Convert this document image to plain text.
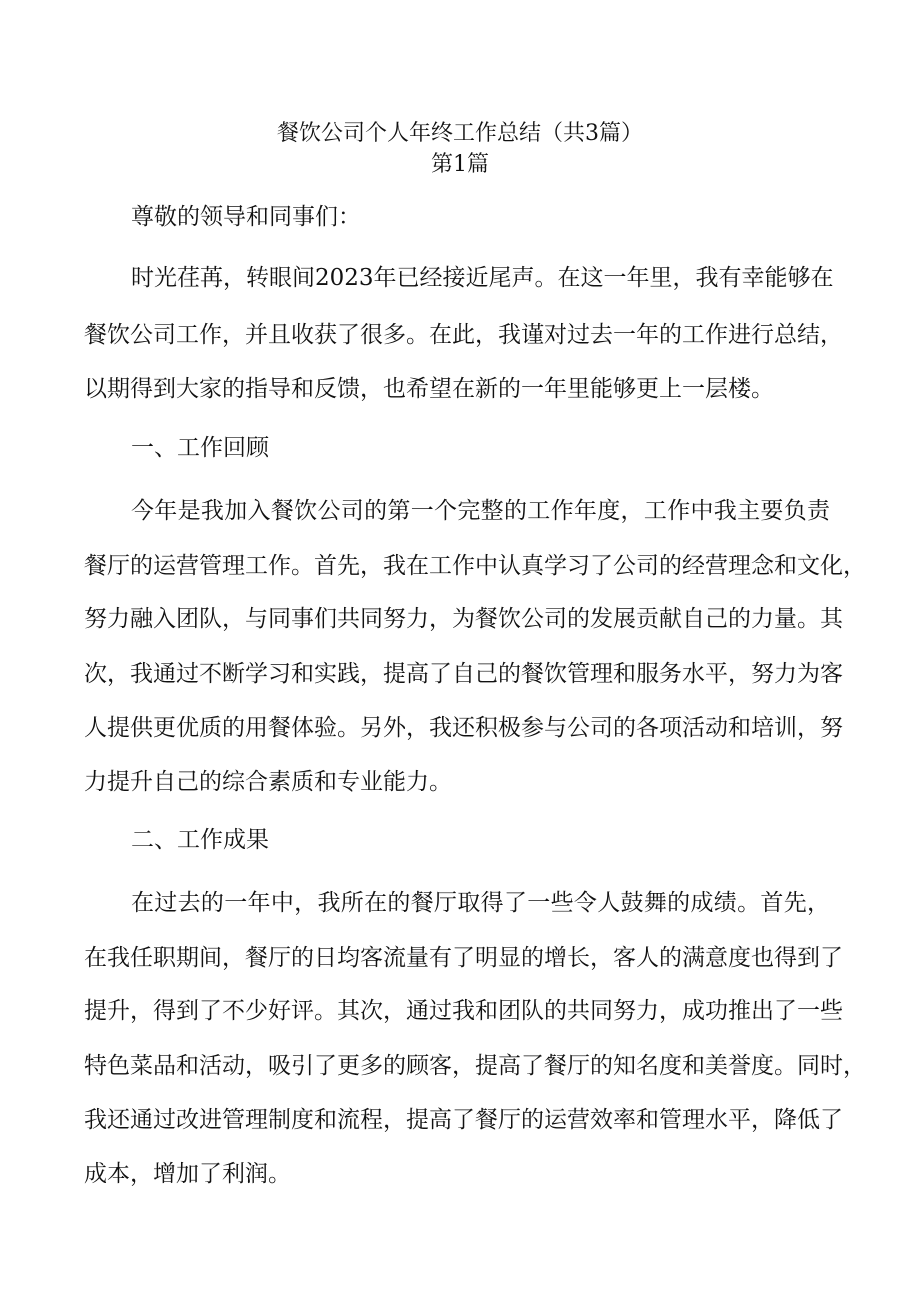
餐饮公司个人年终工作总结（共3篇）
第1篇
尊敬的领导和同事们：
时光荏苒，转眼间2023年已经接近尾声。在这一年里，我有幸能够在
餐饮公司工作，并且收获了很多。在此，我谨对过去一年的工作进行总结，
以期得到大家的指导和反馈，也希望在新的一年里能够更上一层楼。
一、工作回顾
今年是我加入餐饮公司的第一个完整的工作年度，工作中我主要负责
餐厅的运营管理工作。首先，我在工作中认真学习了公司的经营理念和文化，
努力融入团队，与同事们共同努力，为餐饮公司的发展贡献自己的力量。其
次，我通过不断学习和实践，提高了自己的餐饮管理和服务水平，努力为客
人提供更优质的用餐体验。另外，我还积极参与公司的各项活动和培训，努
力提升自己的综合素质和专业能力。
二、工作成果
在过去的一年中，我所在的餐厅取得了一些令人鼓舞的成绩。首先，
在我任职期间，餐厅的日均客流量有了明显的增长，客人的满意度也得到了
提升，得到了不少好评。其次，通过我和团队的共同努力，成功推出了一些
特色菜品和活动，吸引了更多的顾客，提高了餐厅的知名度和美誉度。同时，
我还通过改进管理制度和流程，提高了餐厅的运营效率和管理水平，降低了
成本，增加了利润。
